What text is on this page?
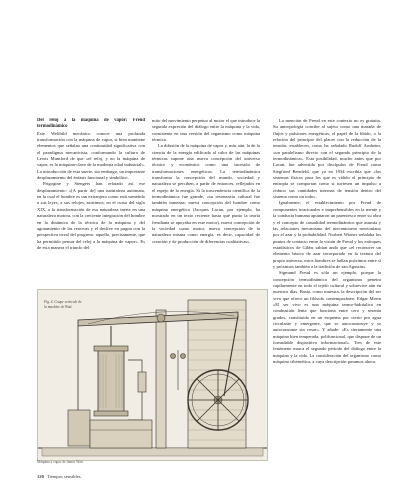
Del reloj a la máquina de vapor: Freud termodinámico

Este Weltbild mecánico conoce una profunda transformación con la máquina de vapor, si bien mantiene elementos que señalan una continuidad significativa con el paradigma mecanicista, conformando la cultura de Lewis Mumford de que «el reloj, y no la máquina de vapor, es la máquina-clave de la moderna edad industrial». La introducción de esta suerte, sin embargo, un importante desplazamiento del énfasis funcional y simbólico.

Prigogine y Stengers han relatado así ese desplazamiento: «[A partir de] una naturaleza autómata, en la cual el hombre es tan extranjero como está sometido a sus leyes, a sus relojes, asistimos, en el curso del siglo XIX, a la transformación de esa naturaleza inerte en una naturaleza motora, con la creciente integración del hombre en la dinámica de la técnica de la máquina y del agotamiento de las reservas y el declive en pugna con la perspectiva irreal del progreso, aquello, precisamente, que ha permitido pensar del reloj a la máquina de vapor». Es de esta manera el triunfo del

mito del movimiento perpetuo al motor el que introduce la segunda expresión del diálogo entre la máquina y la vida, consistente en una versión del organismo como máquina térmica.

La difusión de la máquina de vapor y, más aún, la de la ciencia de la energía edificada al calor de las máquinas térmicas supone una nueva concepción del universo técnico y económico como una sucesión de transformaciones energéticas. La termodinámica transforma la concepción del mundo, sociedad y naturaleza se perciben, a partir de entonces, reflejados en el espejo de la energía. Si la trascendencia científica de la termodinámica fue grande, «su resonancia cultural fue también inmensa: nueva concepción del hombre como máquina energética (Jacques Lacan, por ejemplo, ha mostrado en un texto reciente hasta qué punto la teoría freudiana se apoyaba en este motor), nueva concepción de la sociedad como motor, nueva concepción de la naturaleza misma como energía, es decir, capacidad de creación y de producción de diferencias cualitativas».

La mención de Freud en este contexto no es gratuita. Su antropología concibe al sujeto como una maraña de flujos y pulsiones energéticas, el papel de la libido, o la relación del principio del placer con la reducción de la tensión, establecen, como ha señalado Rudolf Arnheim, «un paralelismo directo con el segundo principio de la termodinámica». Esta posibilidad, mucho antes que por Lacan, fue advertida por discípulos de Freud como Siegfried Bernfeld, que ya en 1934 escribía que «los sistemas físicos para los que es válido el principio de entropía se comportan como si tuviesen un impulso a reducir sus cantidades internas de tensión dentro del sistema como un todo».

Igualmente, el establecimiento por Freud de componentes irracionales e inaprehensibles en la mente y la conducta humana apuntaron un parentesco entre su obra y el concepto de casualidad termodinámico que asumía y las relaciones mecanismo del mecanicismo newtoniano por el azar y la probabilidad. Norbert Wiener señalaba los puntos de contacto entre la visión de Freud y los enfoques estadísticos de Gibbs sabían ando que «el reconocer un elemento básico de azar incorporado en la textura del propio universo, estos hombres se hallan próximos entre sí y próximos también a la tradición de san Agustín».

Sigmund Freud es sólo un ejemplo, porque la concepción termodinámica del organismo penetra capilarmente en todo el tejido cultural y sobrevive aún en nuestros días. Basta, como muestra, la descripción del ser vivo que ofrece un filósofo contemporáneo: Edgar Morin «El ser vivo es una máquina termo-hidráulica en combustión lenta que funciona entre cero y sesenta grados, constituida en un esquema por cierto por agua circulante y emergente, que se autoconstruye y se autoconsume sin cesar». Y añade: «Es ciertamente una máquina bien temperada, polifuncional, que dispone de un formidable dispositivo informacional». Tres de este fenómeno marca el segundo período del diálogo entre la máquina y la vida. La consideración del organismo como máquina cibernética, a cuya descripción pasamos ahora.

Fig. 4. Coupe verticale de la machine de Watt.
Máquina a vapor de James Watt
120 Tiempos sensibles.
